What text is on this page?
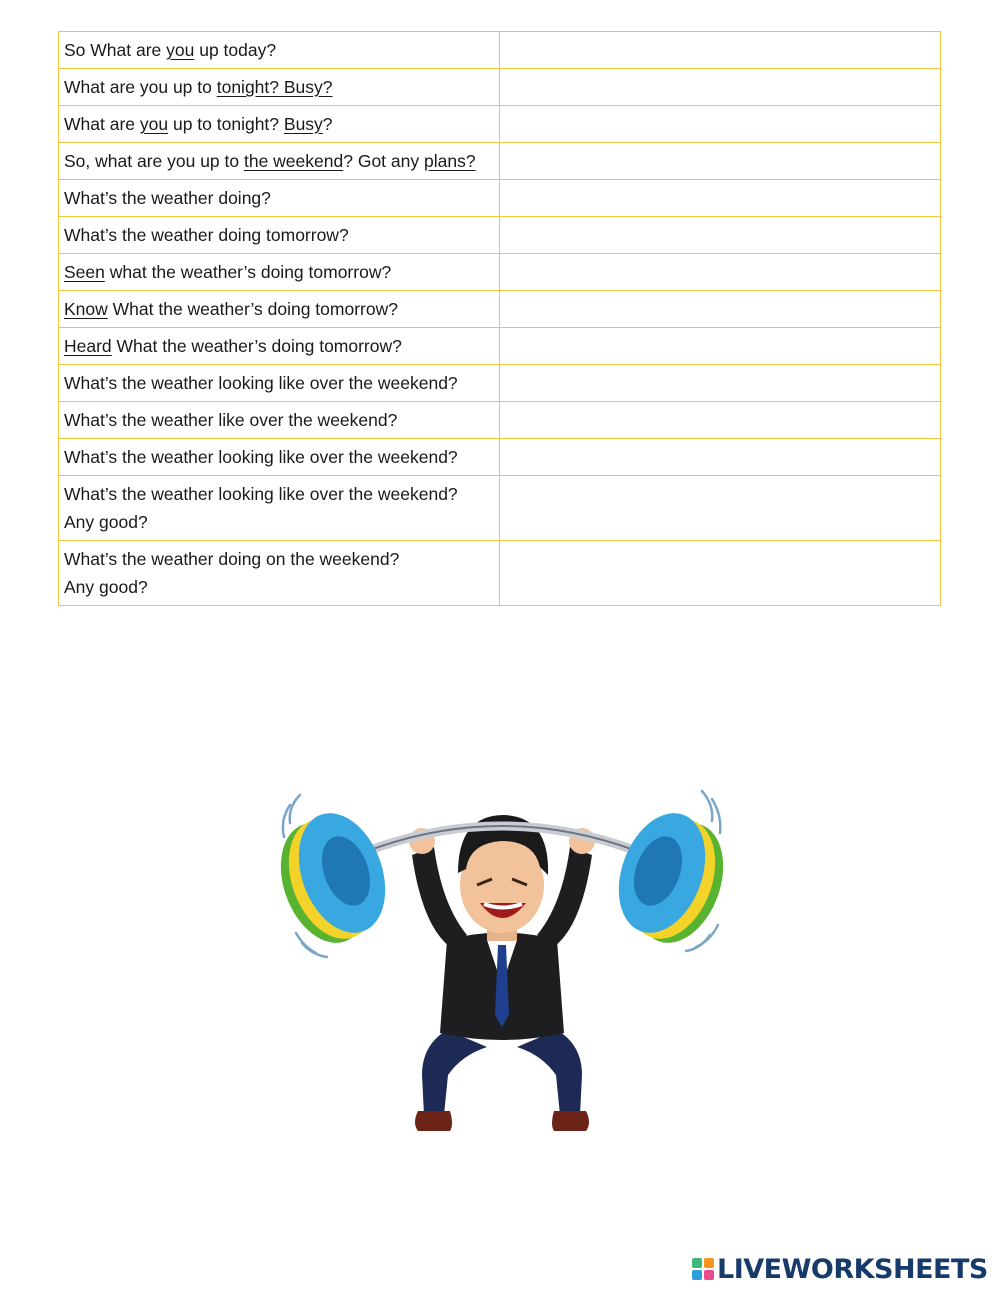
So What are you up today?	
What are you up to tonight? Busy?	
What are you up to tonight? Busy?	
So, what are you up to the weekend? Got any plans?	
What’s the weather doing?	
What’s the weather doing tomorrow?	
Seen what the weather’s doing tomorrow?	
Know What the weather’s doing tomorrow?	
Heard What the weather’s doing tomorrow?	
What’s the weather looking like over the weekend?	
What’s the weather like over the weekend?	
What’s the weather looking like over the weekend?	
What’s the weather looking like over the weekend?
Any good?	
What’s the weather doing on the weekend?
Any good?	
LIVEWORKSHEETS
